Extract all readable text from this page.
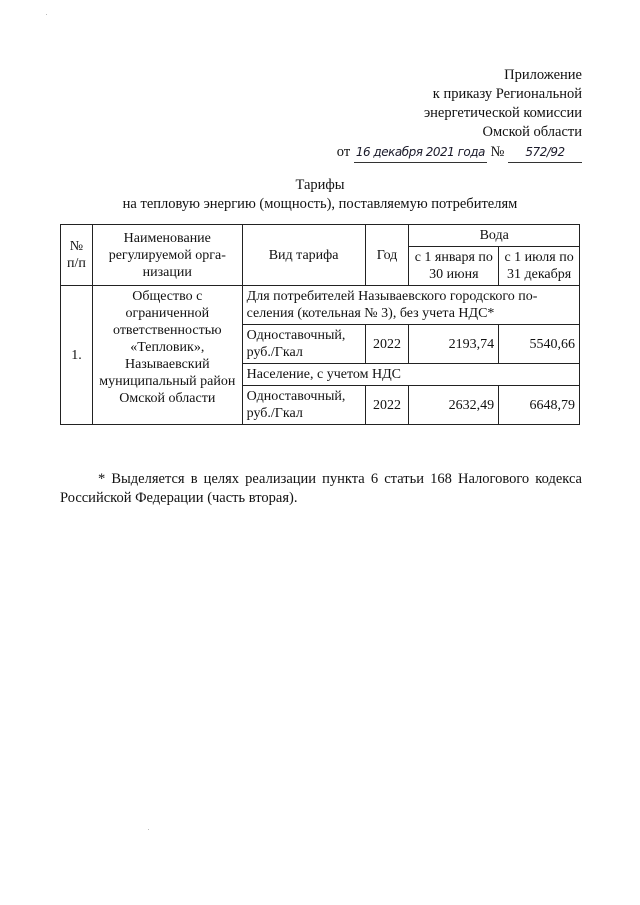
Приложение
к приказу Региональной
энергетической комиссии
Омской области
от 16 декабря 2021 года № 572/92
Тарифы
на тепловую энергию (мощность), поставляемую потребителям
№ п/п	Наименование регулируемой орга-низации	Вид тарифа	Год	Вода	
				с 1 января по 30 июня	с 1 июля по 31 декабря
1.	Общество с ограниченной ответственностью «Тепловик», Называевский муниципальный район Омской области	Для потребителей Называевского городского по-селения (котельная № 3), без учета НДС*			
		Одноставочный, руб./Гкал	2022	2193,74	5540,66
		Население, с учетом НДС			
		Одноставочный, руб./Гкал	2022	2632,49	6648,79
* Выделяется в целях реализации пункта 6 статьи 168 Налогового кодекса Российской Федерации (часть вторая).
